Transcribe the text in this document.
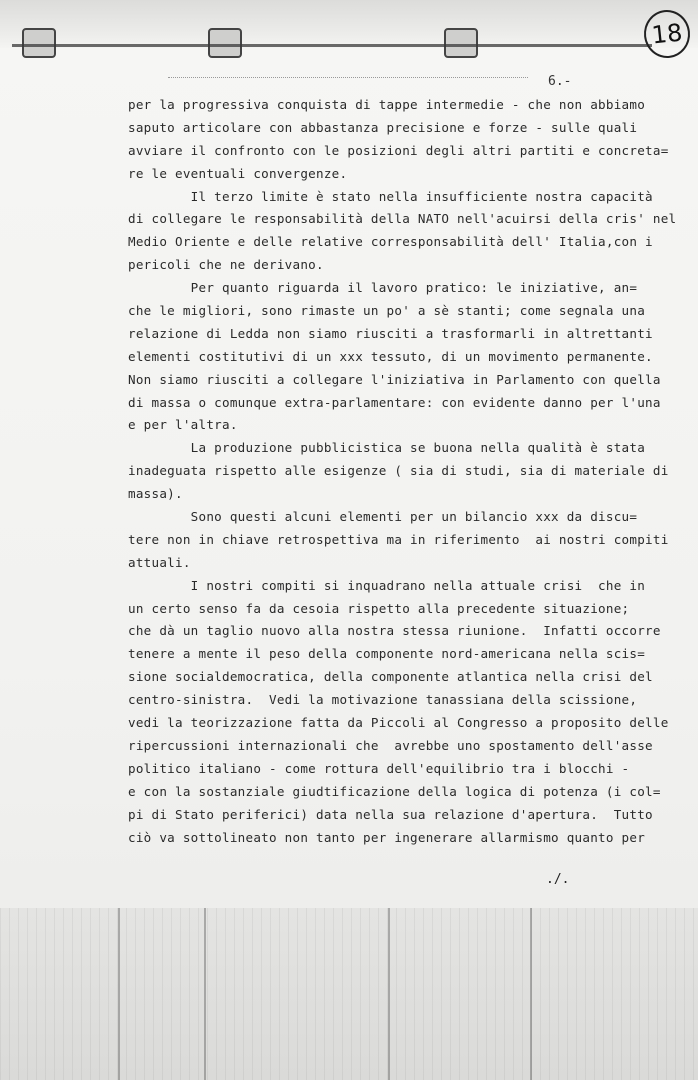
18
6.-
per la progressiva conquista di tappe intermedie - che non abbiamo
saputo articolare con abbastanza precisione e forze - sulle quali
avviare il confronto con le posizioni degli altri partiti e concreta=
re le eventuali convergenze.
Il terzo limite è stato nella insufficiente nostra capacità
di collegare le responsabilità della NATO nell'acuirsi della cris' nel
Medio Oriente e delle relative corresponsabilità dell' Italia,con i
pericoli che ne derivano.
Per quanto riguarda il lavoro pratico: le iniziative, an=
che le migliori, sono rimaste un po' a sè stanti; come segnala una
relazione di Ledda non siamo riusciti a trasformarli in altrettanti
elementi costitutivi di un xxx tessuto, di un movimento permanente.
Non siamo riusciti a collegare l'iniziativa in Parlamento con quella
di massa o comunque extra-parlamentare: con evidente danno per l'una
e per l'altra.
La produzione pubblicistica se buona nella qualità è stata
inadeguata rispetto alle esigenze ( sia di studi, sia di materiale di
massa).
Sono questi alcuni elementi per un bilancio xxx da discu=
tere non in chiave retrospettiva ma in riferimento  ai nostri compiti
attuali.
I nostri compiti si inquadrano nella attuale crisi  che in
un certo senso fa da cesoia rispetto alla precedente situazione;
che dà un taglio nuovo alla nostra stessa riunione.  Infatti occorre
tenere a mente il peso della componente nord-americana nella scis=
sione socialdemocratica, della componente atlantica nella crisi del
centro-sinistra.  Vedi la motivazione tanassiana della scissione,
vedi la teorizzazione fatta da Piccoli al Congresso a proposito delle
ripercussioni internazionali che  avrebbe uno spostamento dell'asse
politico italiano - come rottura dell'equilibrio tra i blocchi -
e con la sostanziale giudtificazione della logica di potenza (i col=
pi di Stato periferici) data nella sua relazione d'apertura.  Tutto
ciò va sottolineato non tanto per ingenerare allarmismo quanto per
./.
